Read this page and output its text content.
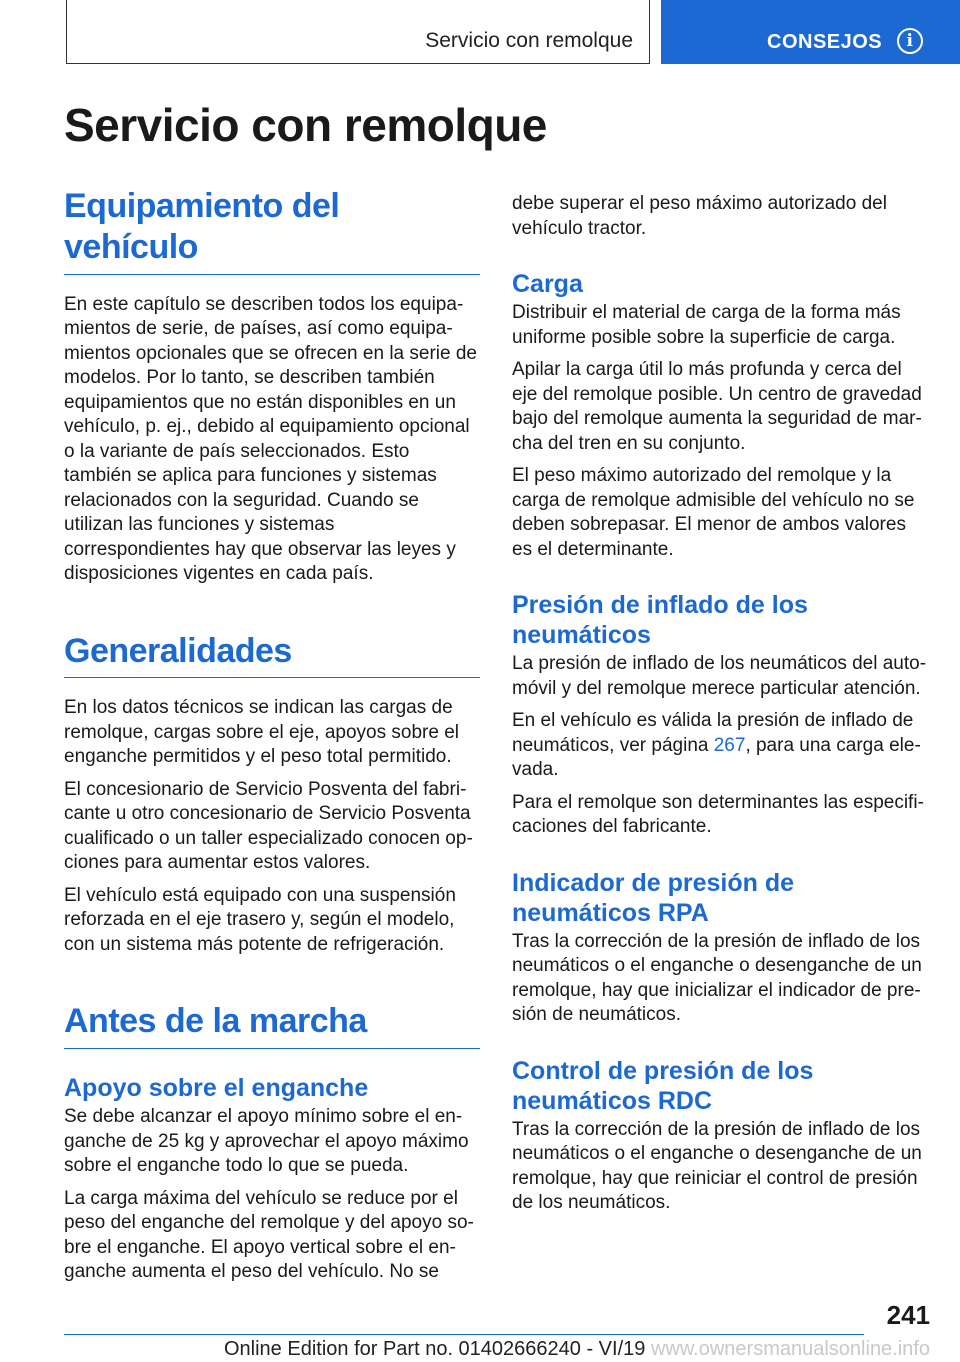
Servicio con remolque	CONSEJOS	i
Servicio con remolque
Equipamiento del vehículo

En este capítulo se describen todos los equipamientos de serie, de países, así como equipamientos opcionales que se ofrecen en la serie de modelos. Por lo tanto, se describen también equipamientos que no están disponibles en un vehículo, p. ej., debido al equipamiento opcional o la variante de país seleccionados. Esto también se aplica para funciones y sistemas relacionados con la seguridad. Cuando se utilizan las funciones y sistemas correspondientes hay que observar las leyes y disposiciones vigentes en cada país.

Generalidades

En los datos técnicos se indican las cargas de remolque, cargas sobre el eje, apoyos sobre el enganche permitidos y el peso total permitido.

El concesionario de Servicio Posventa del fabricante u otro concesionario de Servicio Posventa cualificado o un taller especializado conocen opciones para aumentar estos valores.

El vehículo está equipado con una suspensión reforzada en el eje trasero y, según el modelo, con un sistema más potente de refrigeración.

Antes de la marcha
Apoyo sobre el enganche

Se debe alcanzar el apoyo mínimo sobre el enganche de 25 kg y aprovechar el apoyo máximo sobre el enganche todo lo que se pueda.

La carga máxima del vehículo se reduce por el peso del enganche del remolque y del apoyo sobre el enganche. El apoyo vertical sobre el enganche aumenta el peso del vehículo. No se

debe superar el peso máximo autorizado del vehículo tractor.

Carga

Distribuir el material de carga de la forma más uniforme posible sobre la superficie de carga.

Apilar la carga útil lo más profunda y cerca del eje del remolque posible. Un centro de gravedad bajo del remolque aumenta la seguridad de marcha del tren en su conjunto.

El peso máximo autorizado del remolque y la carga de remolque admisible del vehículo no se deben sobrepasar. El menor de ambos valores es el determinante.

Presión de inflado de los neumáticos

La presión de inflado de los neumáticos del automóvil y del remolque merece particular atención.

En el vehículo es válida la presión de inflado de neumáticos, ver página 267, para una carga elevada.

Para el remolque son determinantes las especificaciones del fabricante.

Indicador de presión de neumáticos RPA

Tras la corrección de la presión de inflado de los neumáticos o el enganche o desenganche de un remolque, hay que inicializar el indicador de presión de neumáticos.

Control de presión de los neumáticos RDC

Tras la corrección de la presión de inflado de los neumáticos o el enganche o desenganche de un remolque, hay que reiniciar el control de presión de los neumáticos.

241
Online Edition for Part no. 01402666240 - VI/19 www.ownersmanualsonline.info
